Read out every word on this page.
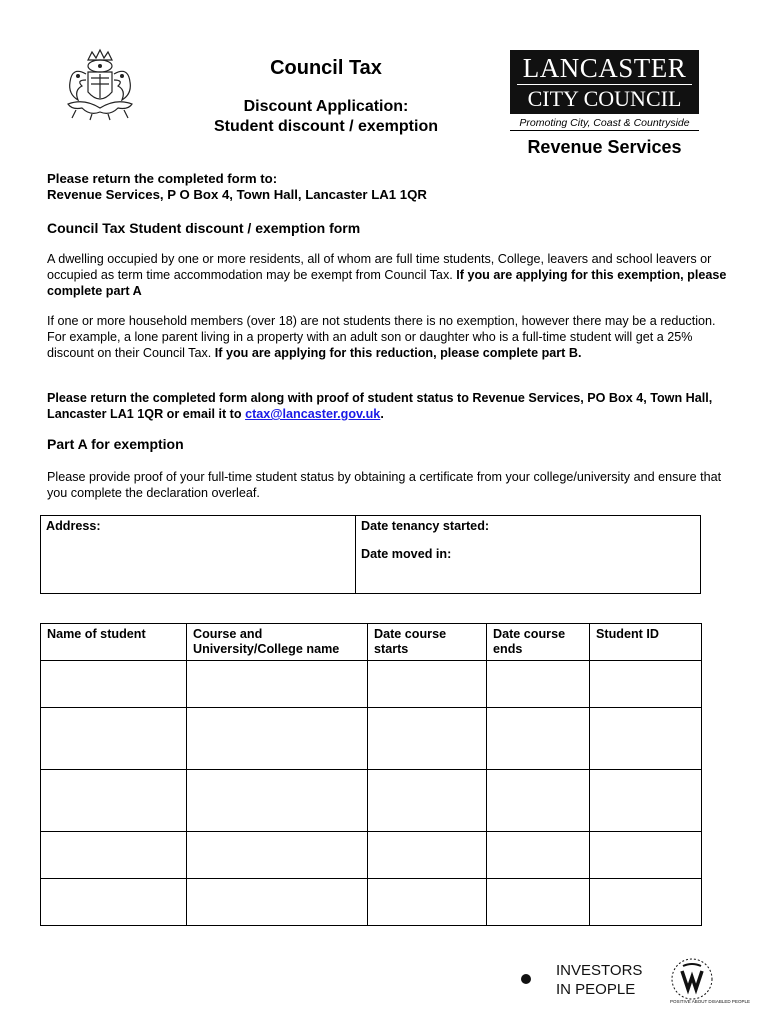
Council Tax
Discount Application:
Student discount / exemption
LANCASTER
CITY COUNCIL
Promoting City, Coast & Countryside
Revenue Services
Please return the completed form to:
Revenue Services, P O Box 4, Town Hall, Lancaster LA1 1QR
Council Tax Student discount / exemption form
A dwelling occupied by one or more residents, all of whom are full time students, College, leavers and school leavers or occupied as term time accommodation may be exempt from Council Tax. If you are applying for this exemption, please complete part A
If one or more household members (over 18) are not students there is no exemption, however there may be a reduction. For example, a lone parent living in a property with an adult son or daughter who is a full-time student will get a 25% discount on their Council Tax. If you are applying for this reduction, please complete part B.
Please return the completed form along with proof of student status to Revenue Services, PO Box 4, Town Hall, Lancaster LA1 1QR or email it to ctax@lancaster.gov.uk.
Part A for exemption
Please provide proof of your full-time student status by obtaining a certificate from your college/university and ensure that you complete the declaration overleaf.
Address:	Date tenancy started:
Date moved in:
Name of student	Course and University/College name	Date course starts	Date course ends	Student ID

INVESTORS
IN PEOPLE
POSITIVE ABOUT DISABLED PEOPLE
